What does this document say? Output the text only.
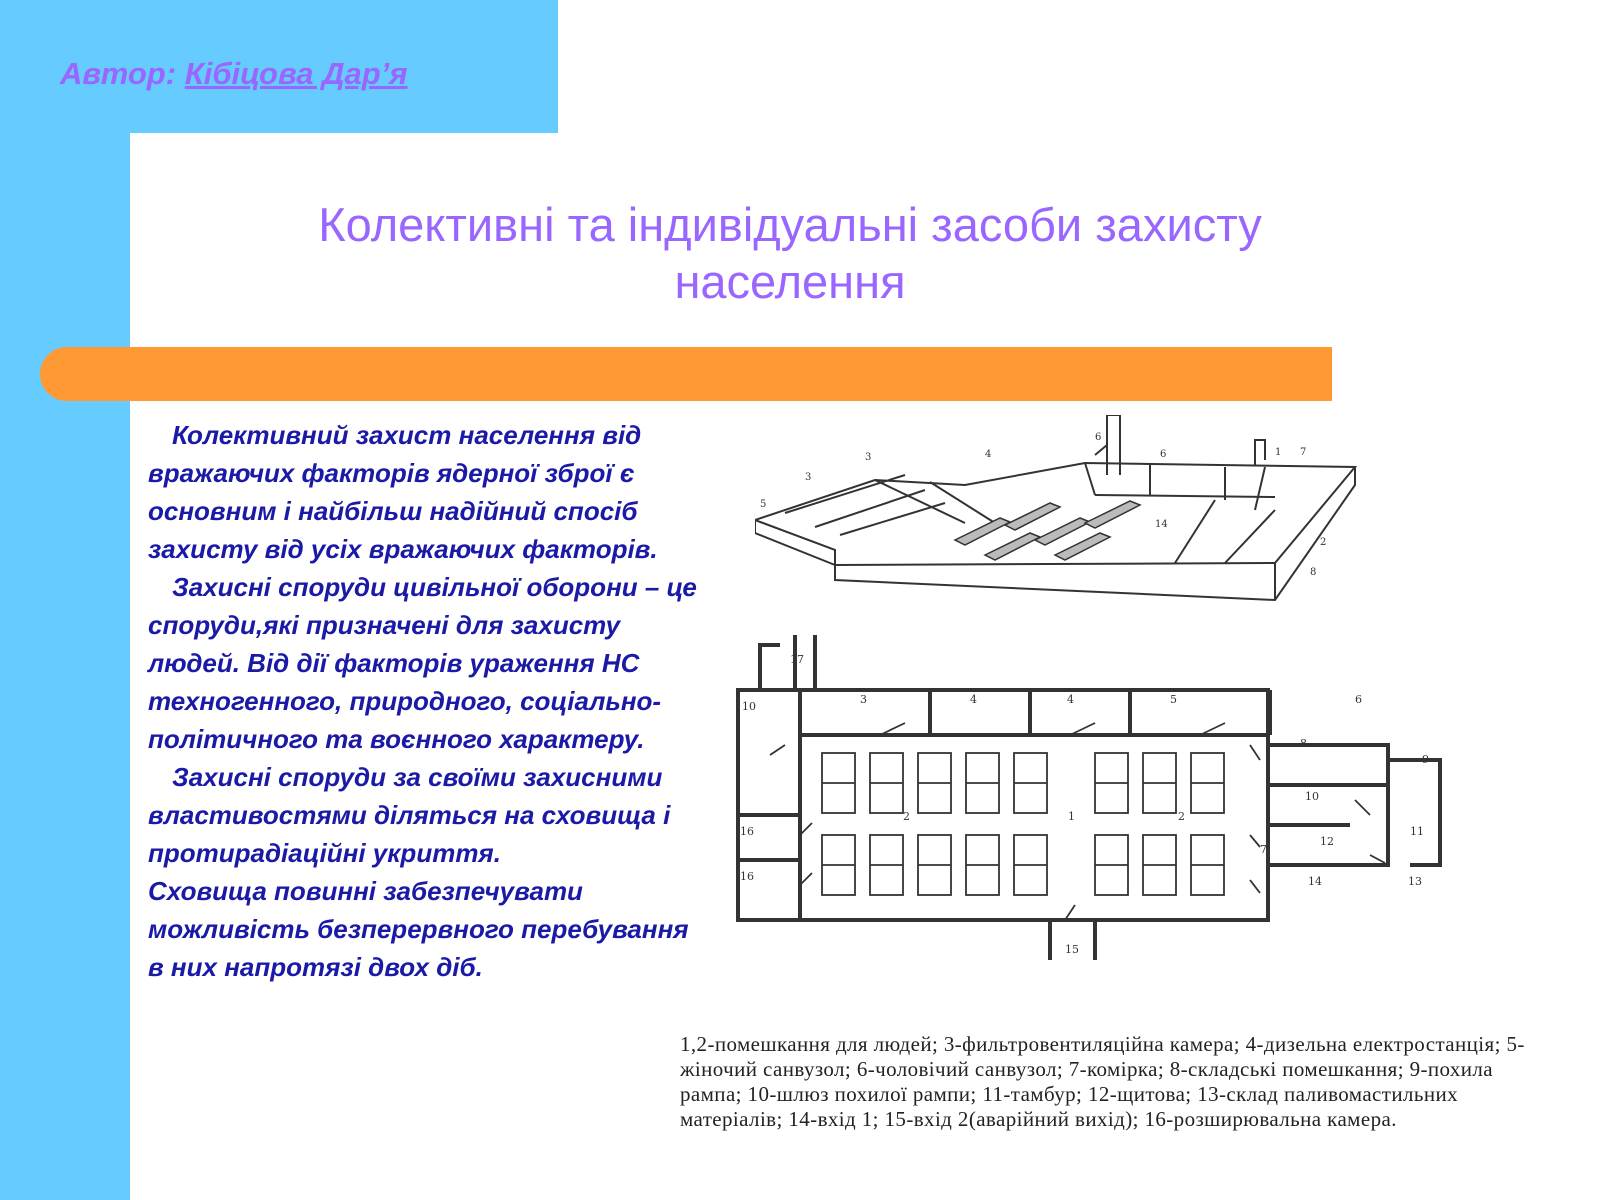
Автор: Кібіцова Дар’я
Колективні та індивідуальні засоби захисту
населення

Колективний захист населення від вражаючих факторів ядерної зброї є основним і найбільш надійний спосіб захисту від усіх вражаючих факторів.

Захисні споруди цивільної оборони – це споруди,які призначені для захисту людей. Від дії факторів ураження НС техногенного, природного, соціально-політичного та воєнного характеру.

Захисні споруди за своїми захисними властивостями діляться на сховища і протирадіаційні укриття.

Сховища повинні забезпечувати можливість безперервного перебування в них напротязі двох діб.

5
3
3	4
6
6	1 7
2
8
14
10
3	4	4	5	6
8
9
10
11
12
13
14
15
16
16
17
2	2
1
7
1,2-помешкання для людей; 3-фильтровентиляційна камера; 4-дизельна електростанція; 5-жіночий санвузол; 6-чоловічий санвузол; 7-комірка; 8-складські помешкання; 9-похила рампа; 10-шлюз похилої рампи; 11-тамбур; 12-щитова; 13-склад паливомастильних матеріалів; 14-вхід 1; 15-вхід 2(аварійний вихід); 16-розширювальна камера.
